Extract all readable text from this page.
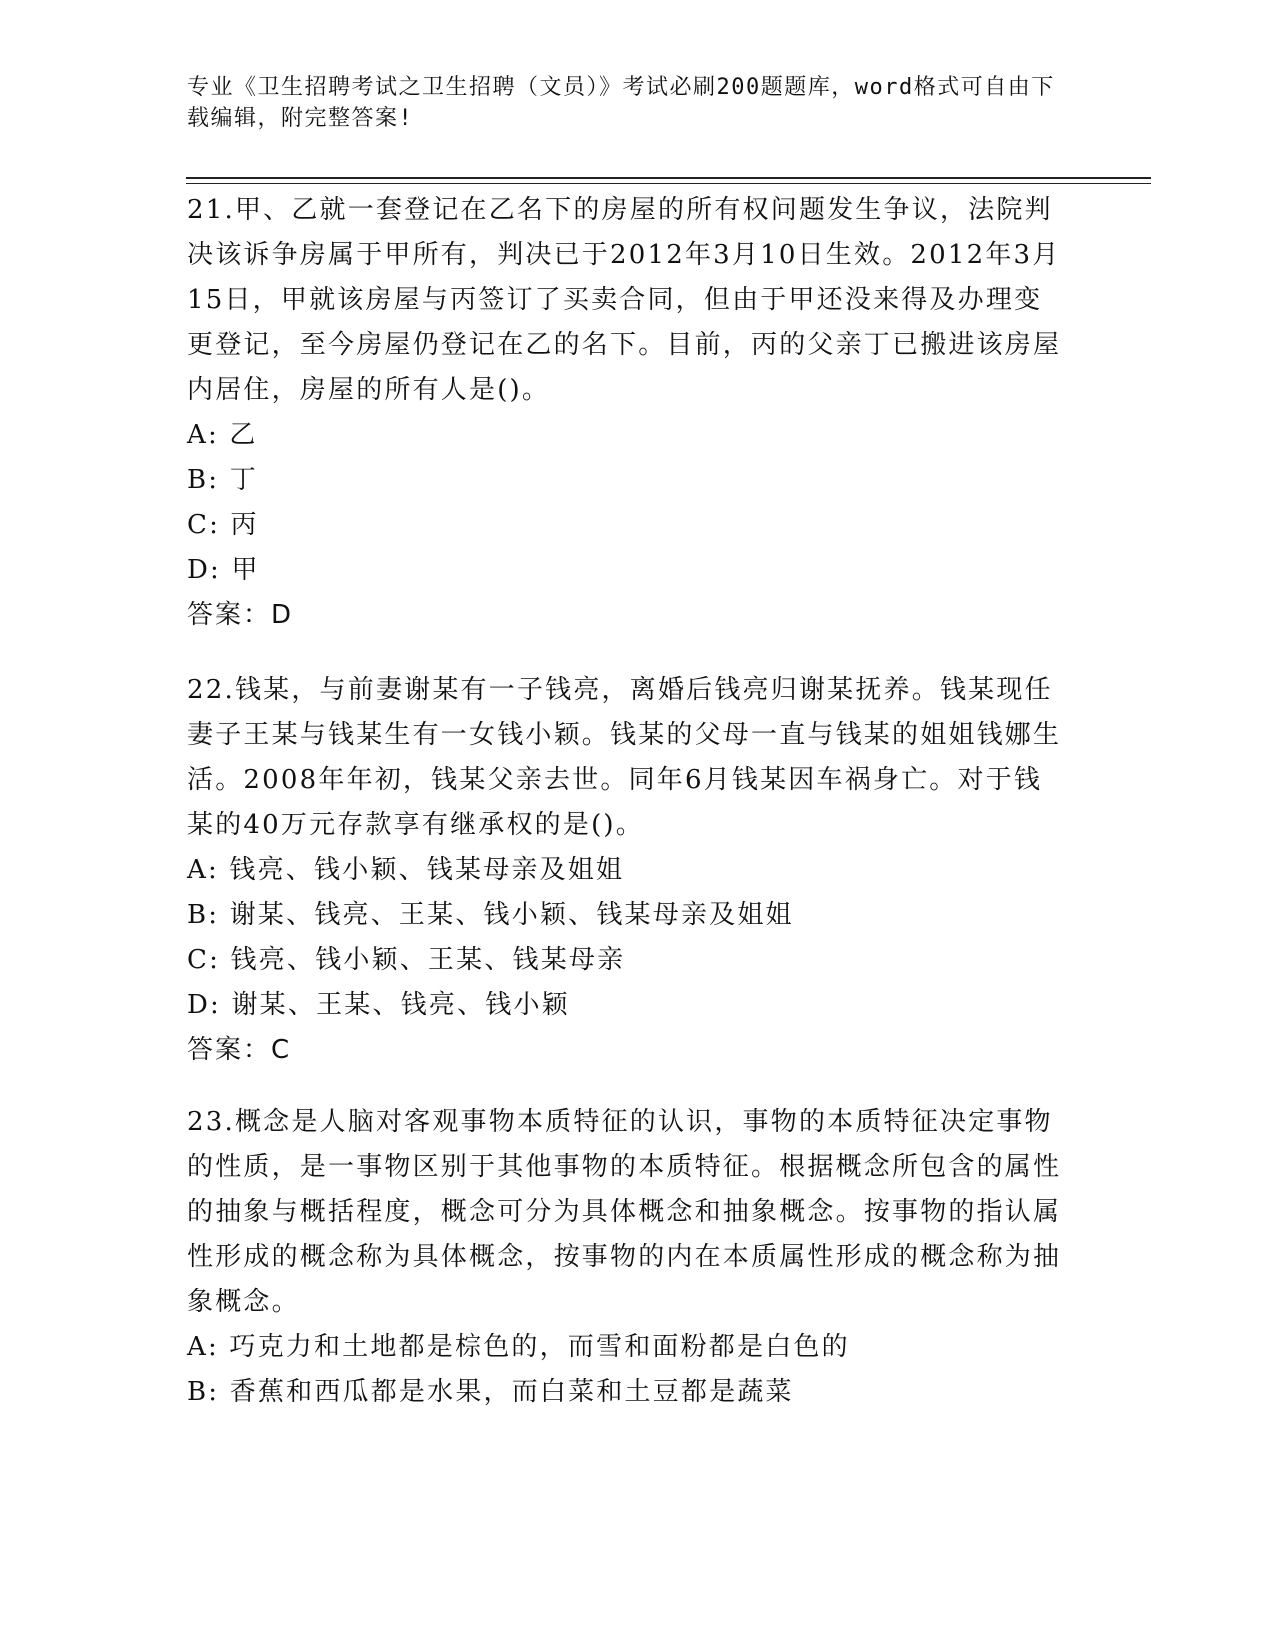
专业《卫生招聘考试之卫生招聘（文员）》考试必刷200题题库，word格式可自由下载编辑，附完整答案!

21.甲、乙就一套登记在乙名下的房屋的所有权问题发生争议，法院判决该诉争房属于甲所有，判决已于2012年3月10日生效。2012年3月15日，甲就该房屋与丙签订了买卖合同，但由于甲还没来得及办理变更登记，至今房屋仍登记在乙的名下。目前，丙的父亲丁已搬进该房屋内居住，房屋的所有人是()。

A: 乙

B: 丁

C: 丙

D: 甲

答案：D

22.钱某，与前妻谢某有一子钱亮，离婚后钱亮归谢某抚养。钱某现任妻子王某与钱某生有一女钱小颖。钱某的父母一直与钱某的姐姐钱娜生活。2008年年初，钱某父亲去世。同年6月钱某因车祸身亡。对于钱某的40万元存款享有继承权的是()。

A: 钱亮、钱小颖、钱某母亲及姐姐

B: 谢某、钱亮、王某、钱小颖、钱某母亲及姐姐

C: 钱亮、钱小颖、王某、钱某母亲

D: 谢某、王某、钱亮、钱小颖

答案：C

23.概念是人脑对客观事物本质特征的认识，事物的本质特征决定事物的性质，是一事物区别于其他事物的本质特征。根据概念所包含的属性的抽象与概括程度，概念可分为具体概念和抽象概念。按事物的指认属性形成的概念称为具体概念，按事物的内在本质属性形成的概念称为抽象概念。

A: 巧克力和土地都是棕色的，而雪和面粉都是白色的

B: 香蕉和西瓜都是水果，而白菜和土豆都是蔬菜
